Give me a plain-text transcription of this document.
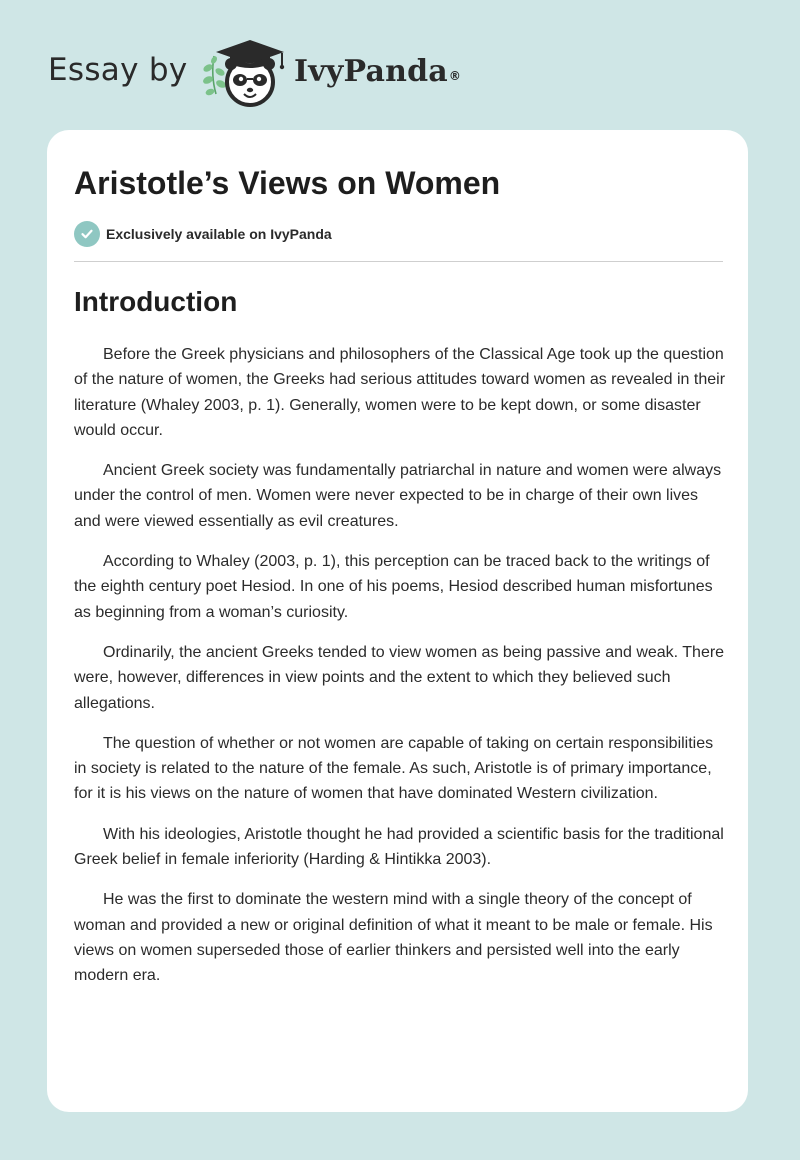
Essay by	IvyPanda®
Aristotle’s Views on Women
Exclusively available on IvyPanda
Introduction

Before the Greek physicians and philosophers of the Classical Age took up the question of the nature of women, the Greeks had serious attitudes toward women as revealed in their literature (Whaley 2003, p. 1). Generally, women were to be kept down, or some disaster would occur.

Ancient Greek society was fundamentally patriarchal in nature and women were always under the control of men. Women were never expected to be in charge of their own lives and were viewed essentially as evil creatures.

According to Whaley (2003, p. 1), this perception can be traced back to the writings of the eighth century poet Hesiod. In one of his poems, Hesiod described human misfortunes as beginning from a woman’s curiosity.

Ordinarily, the ancient Greeks tended to view women as being passive and weak. There were, however, differences in view points and the extent to which they believed such allegations.

The question of whether or not women are capable of taking on certain responsibilities in society is related to the nature of the female. As such, Aristotle is of primary importance, for it is his views on the nature of women that have dominated Western civilization.

With his ideologies, Aristotle thought he had provided a scientific basis for the traditional Greek belief in female inferiority (Harding & Hintikka 2003).

He was the first to dominate the western mind with a single theory of the concept of woman and provided a new or original definition of what it meant to be male or female. His views on women superseded those of earlier thinkers and persisted well into the early modern era.
